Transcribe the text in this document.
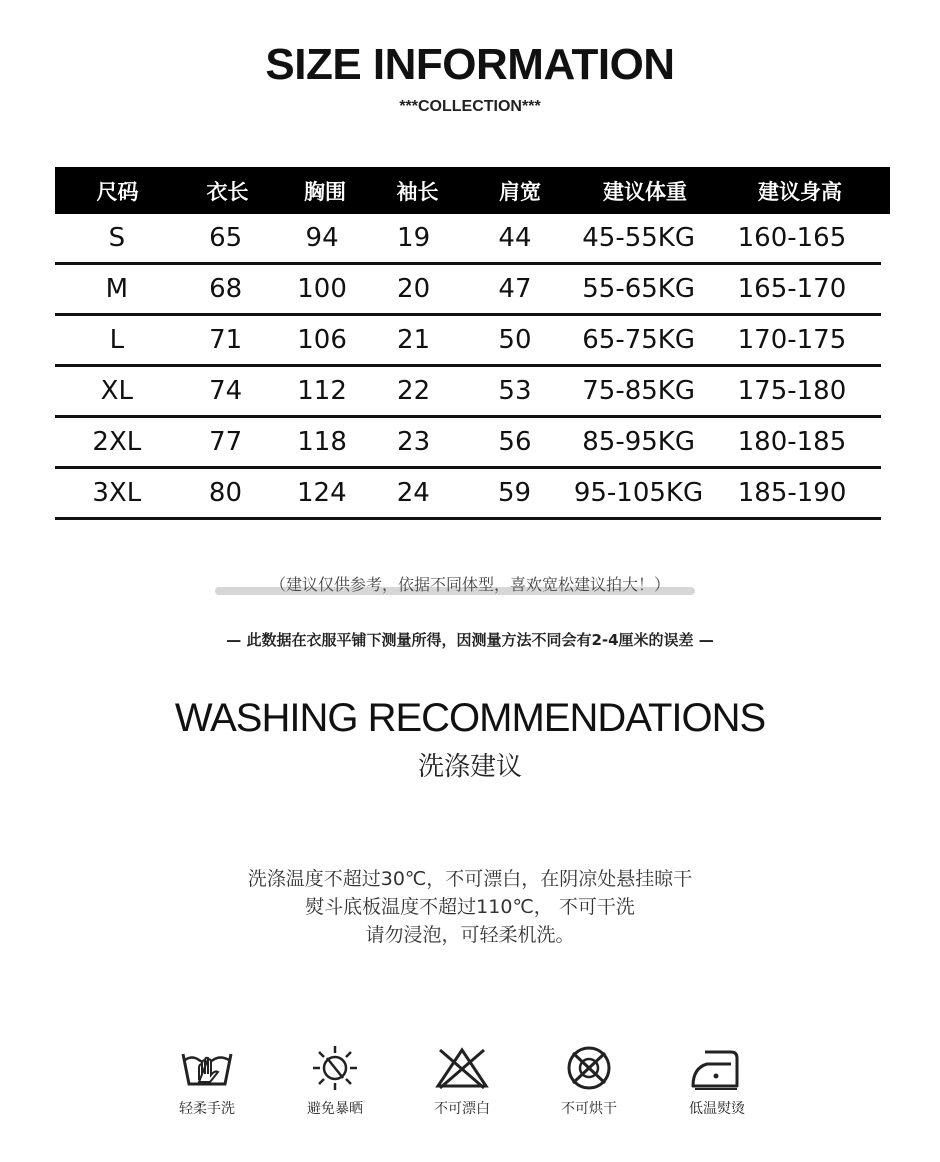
SIZE INFORMATION
***COLLECTION***
尺码	衣长	胸围	袖长	肩宽	建议体重	建议身高
S	65	94	19	44	45-55KG	160-165
M	68	100	20	47	55-65KG	165-170
L	71	106	21	50	65-75KG	170-175
XL	74	112	22	53	75-85KG	175-180
2XL	77	118	23	56	85-95KG	180-185
3XL	80	124	24	59	95-105KG	185-190
（建议仅供参考，依据不同体型，喜欢宽松建议拍大！）
— 此数据在衣服平铺下测量所得，因测量方法不同会有2-4厘米的误差 —
WASHING RECOMMENDATIONS
洗涤建议
洗涤温度不超过30℃，不可漂白，在阴凉处悬挂晾干
熨斗底板温度不超过110℃， 不可干洗
请勿浸泡，可轻柔机洗。
轻柔手洗	避免暴晒	不可漂白	不可烘干	低温熨烫
